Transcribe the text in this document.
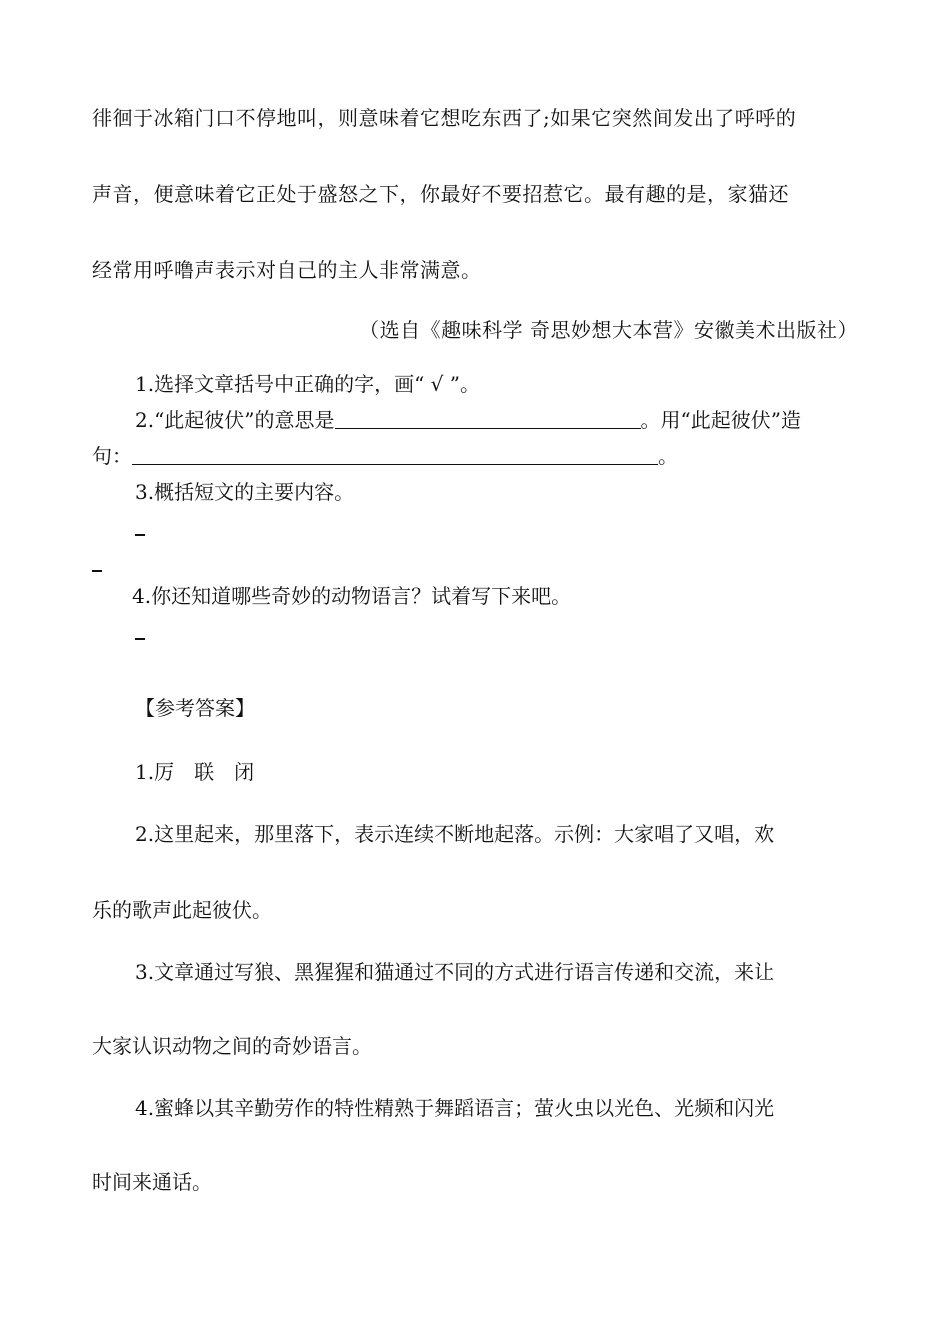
徘徊于冰箱门口不停地叫，则意味着它想吃东西了;如果它突然间发出了呼呼的
声音，便意味着它正处于盛怒之下，你最好不要招惹它。最有趣的是，家猫还
经常用呼噜声表示对自己的主人非常满意。
（选自《趣味科学 奇思妙想大本营》安徽美术出版社）
1.选择文章括号中正确的字，画“ √ ”。
2.“此起彼伏”的意思是	。用“此起彼伏”造
句：	。
3.概括短文的主要内容。
4.你还知道哪些奇妙的动物语言？试着写下来吧。
【参考答案】
1.厉　联　闭
2.这里起来，那里落下，表示连续不断地起落。示例：大家唱了又唱，欢
乐的歌声此起彼伏。
3.文章通过写狼、黑猩猩和猫通过不同的方式进行语言传递和交流，来让
大家认识动物之间的奇妙语言。
4.蜜蜂以其辛勤劳作的特性精熟于舞蹈语言；萤火虫以光色、光频和闪光
时间来通话。
